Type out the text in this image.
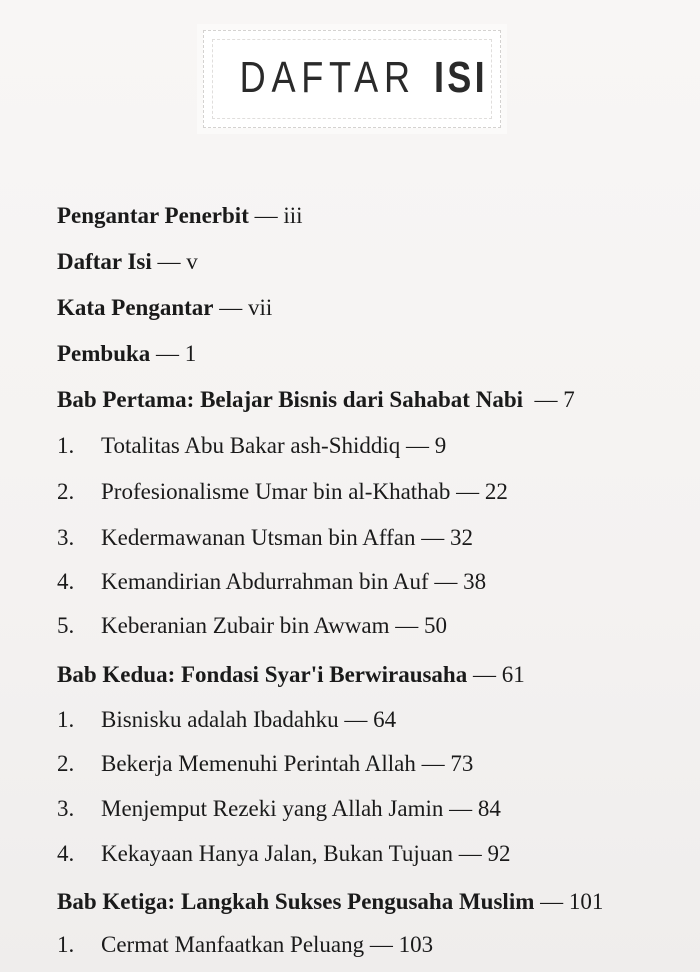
DAFTAR ISI
Pengantar Penerbit — iii
Daftar Isi — v
Kata Pengantar — vii
Pembuka — 1
Bab Pertama: Belajar Bisnis dari Sahabat Nabi  — 7
1. Totalitas Abu Bakar ash-Shiddiq — 9
2. Profesionalisme Umar bin al-Khathab — 22
3. Kedermawanan Utsman bin Affan — 32
4. Kemandirian Abdurrahman bin Auf — 38
5. Keberanian Zubair bin Awwam — 50
Bab Kedua: Fondasi Syar'i Berwirausaha — 61
1. Bisnisku adalah Ibadahku — 64
2. Bekerja Memenuhi Perintah Allah — 73
3. Menjemput Rezeki yang Allah Jamin — 84
4. Kekayaan Hanya Jalan, Bukan Tujuan — 92
Bab Ketiga: Langkah Sukses Pengusaha Muslim — 101
1. Cermat Manfaatkan Peluang — 103
